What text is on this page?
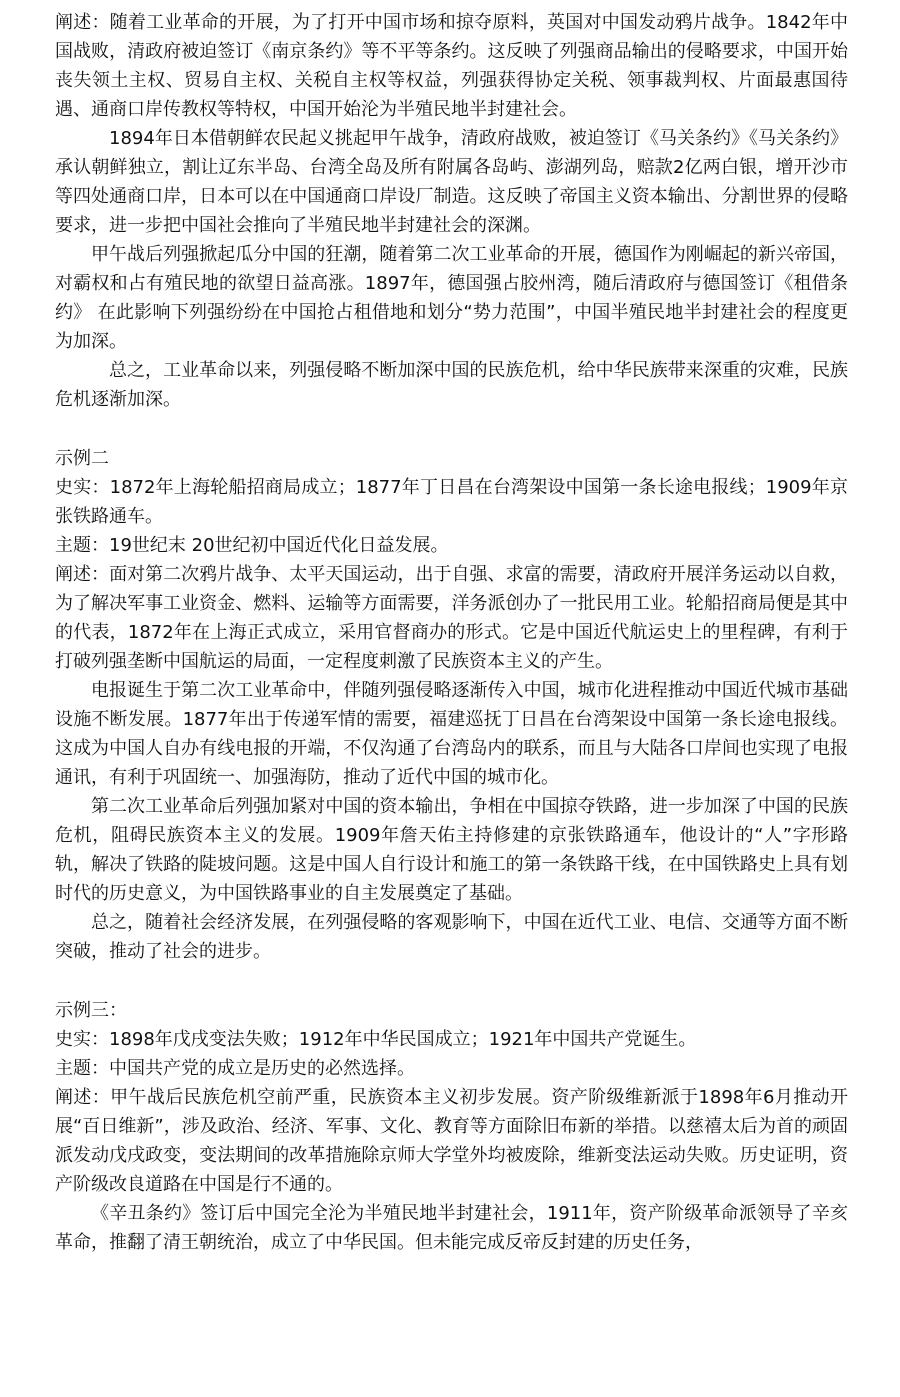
阐述：随着工业革命的开展，为了打开中国市场和掠夺原料，英国对中国发动鸦片战争。1842年中国战败，清政府被迫签订《南京条约》等不平等条约。这反映了列强商品输出的侵略要求，中国开始丧失领土主权、贸易自主权、关税自主权等权益，列强获得协定关税、领事裁判权、片面最惠国待遇、通商口岸传教权等特权，中国开始沦为半殖民地半封建社会。

1894年日本借朝鲜农民起义挑起甲午战争，清政府战败，被迫签订《马关条约》《马关条约》承认朝鲜独立，割让辽东半岛、台湾全岛及所有附属各岛屿、澎湖列岛，赔款2亿两白银，增开沙市等四处通商口岸，日本可以在中国通商口岸设厂制造。这反映了帝国主义资本输出、分割世界的侵略要求，进一步把中国社会推向了半殖民地半封建社会的深渊。

甲午战后列强掀起瓜分中国的狂潮，随着第二次工业革命的开展，德国作为刚崛起的新兴帝国，对霸权和占有殖民地的欲望日益高涨。1897年，德国强占胶州湾，随后清政府与德国签订《租借条约》 在此影响下列强纷纷在中国抢占租借地和划分“势力范围”，中国半殖民地半封建社会的程度更为加深。

总之，工业革命以来，列强侵略不断加深中国的民族危机，给中华民族带来深重的灾难，民族危机逐渐加深。

示例二

史实：1872年上海轮船招商局成立；1877年丁日昌在台湾架设中国第一条长途电报线；1909年京张铁路通车。

主题：19世纪末 20世纪初中国近代化日益发展。

阐述：面对第二次鸦片战争、太平天国运动，出于自强、求富的需要，清政府开展洋务运动以自救，为了解决军事工业资金、燃料、运输等方面需要，洋务派创办了一批民用工业。轮船招商局便是其中的代表，1872年在上海正式成立，采用官督商办的形式。它是中国近代航运史上的里程碑，有利于打破列强垄断中国航运的局面，一定程度刺激了民族资本主义的产生。

电报诞生于第二次工业革命中，伴随列强侵略逐渐传入中国，城市化进程推动中国近代城市基础设施不断发展。1877年出于传递军情的需要，福建巡抚丁日昌在台湾架设中国第一条长途电报线。这成为中国人自办有线电报的开端，不仅沟通了台湾岛内的联系，而且与大陆各口岸间也实现了电报通讯，有利于巩固统一、加强海防，推动了近代中国的城市化。

第二次工业革命后列强加紧对中国的资本输出，争相在中国掠夺铁路，进一步加深了中国的民族危机，阻碍民族资本主义的发展。1909年詹天佑主持修建的京张铁路通车，他设计的“人”字形路轨，解决了铁路的陡坡问题。这是中国人自行设计和施工的第一条铁路干线，在中国铁路史上具有划时代的历史意义，为中国铁路事业的自主发展奠定了基础。

总之，随着社会经济发展，在列强侵略的客观影响下，中国在近代工业、电信、交通等方面不断突破，推动了社会的进步。

示例三：

史实：1898年戊戌变法失败；1912年中华民国成立；1921年中国共产党诞生。

主题：中国共产党的成立是历史的必然选择。

阐述：甲午战后民族危机空前严重，民族资本主义初步发展。资产阶级维新派于1898年6月推动开展“百日维新”，涉及政治、经济、军事、文化、教育等方面除旧布新的举措。以慈禧太后为首的顽固派发动戊戌政变，变法期间的改革措施除京师大学堂外均被废除，维新变法运动失败。历史证明，资产阶级改良道路在中国是行不通的。

《辛丑条约》签订后中国完全沦为半殖民地半封建社会，1911年，资产阶级革命派领导了辛亥革命，推翻了清王朝统治，成立了中华民国。但未能完成反帝反封建的历史任务，
